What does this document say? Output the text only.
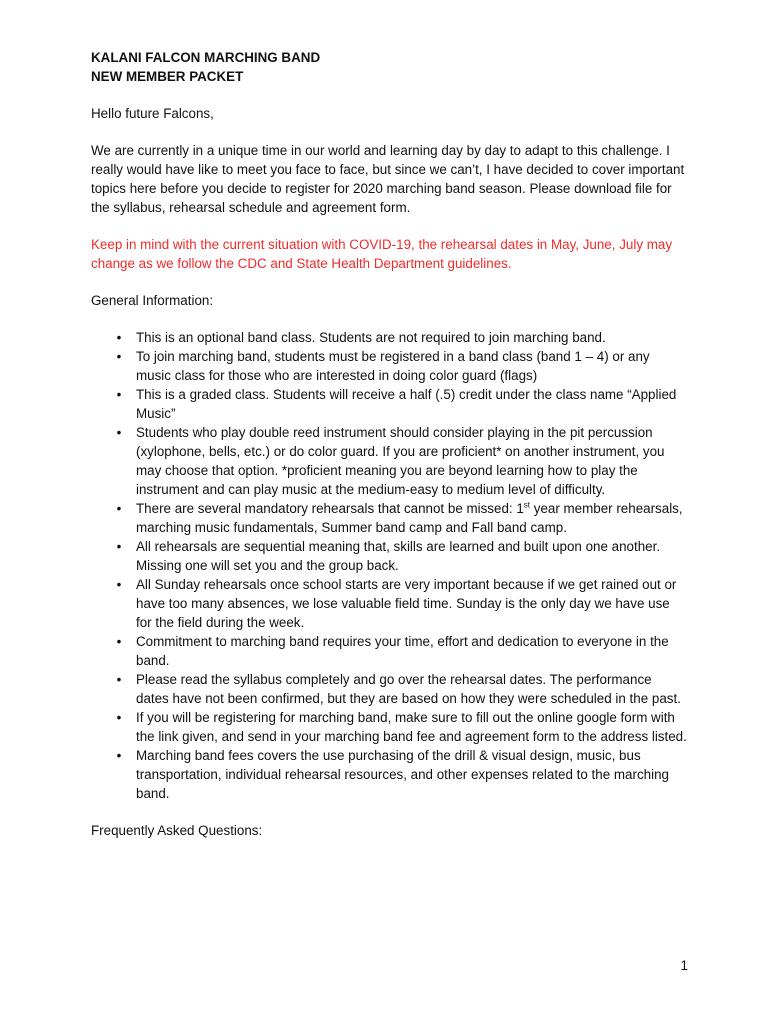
KALANI FALCON MARCHING BAND

NEW MEMBER PACKET

Hello future Falcons,

We are currently in a unique time in our world and learning day by day to adapt to this challenge. I really would have like to meet you face to face, but since we can’t, I have decided to cover important topics here before you decide to register for 2020 marching band season. Please download file for the syllabus, rehearsal schedule and agreement form.

Keep in mind with the current situation with COVID-19, the rehearsal dates in May, June, July may change as we follow the CDC and State Health Department guidelines.

General Information:

• This is an optional band class. Students are not required to join marching band.
• To join marching band, students must be registered in a band class (band 1 – 4) or any music class for those who are interested in doing color guard (flags)
• This is a graded class. Students will receive a half (.5) credit under the class name “Applied Music”
• Students who play double reed instrument should consider playing in the pit percussion (xylophone, bells, etc.) or do color guard. If you are proficient* on another instrument, you may choose that option. *proficient meaning you are beyond learning how to play the instrument and can play music at the medium-easy to medium level of difficulty.
• There are several mandatory rehearsals that cannot be missed: 1st year member rehearsals, marching music fundamentals, Summer band camp and Fall band camp.
• All rehearsals are sequential meaning that, skills are learned and built upon one another. Missing one will set you and the group back.
• All Sunday rehearsals once school starts are very important because if we get rained out or have too many absences, we lose valuable field time. Sunday is the only day we have use for the field during the week.
• Commitment to marching band requires your time, effort and dedication to everyone in the band.
• Please read the syllabus completely and go over the rehearsal dates. The performance dates have not been confirmed, but they are based on how they were scheduled in the past.
• If you will be registering for marching band, make sure to fill out the online google form with the link given, and send in your marching band fee and agreement form to the address listed.
• Marching band fees covers the use purchasing of the drill & visual design, music, bus transportation, individual rehearsal resources, and other expenses related to the marching band.

Frequently Asked Questions:

1
